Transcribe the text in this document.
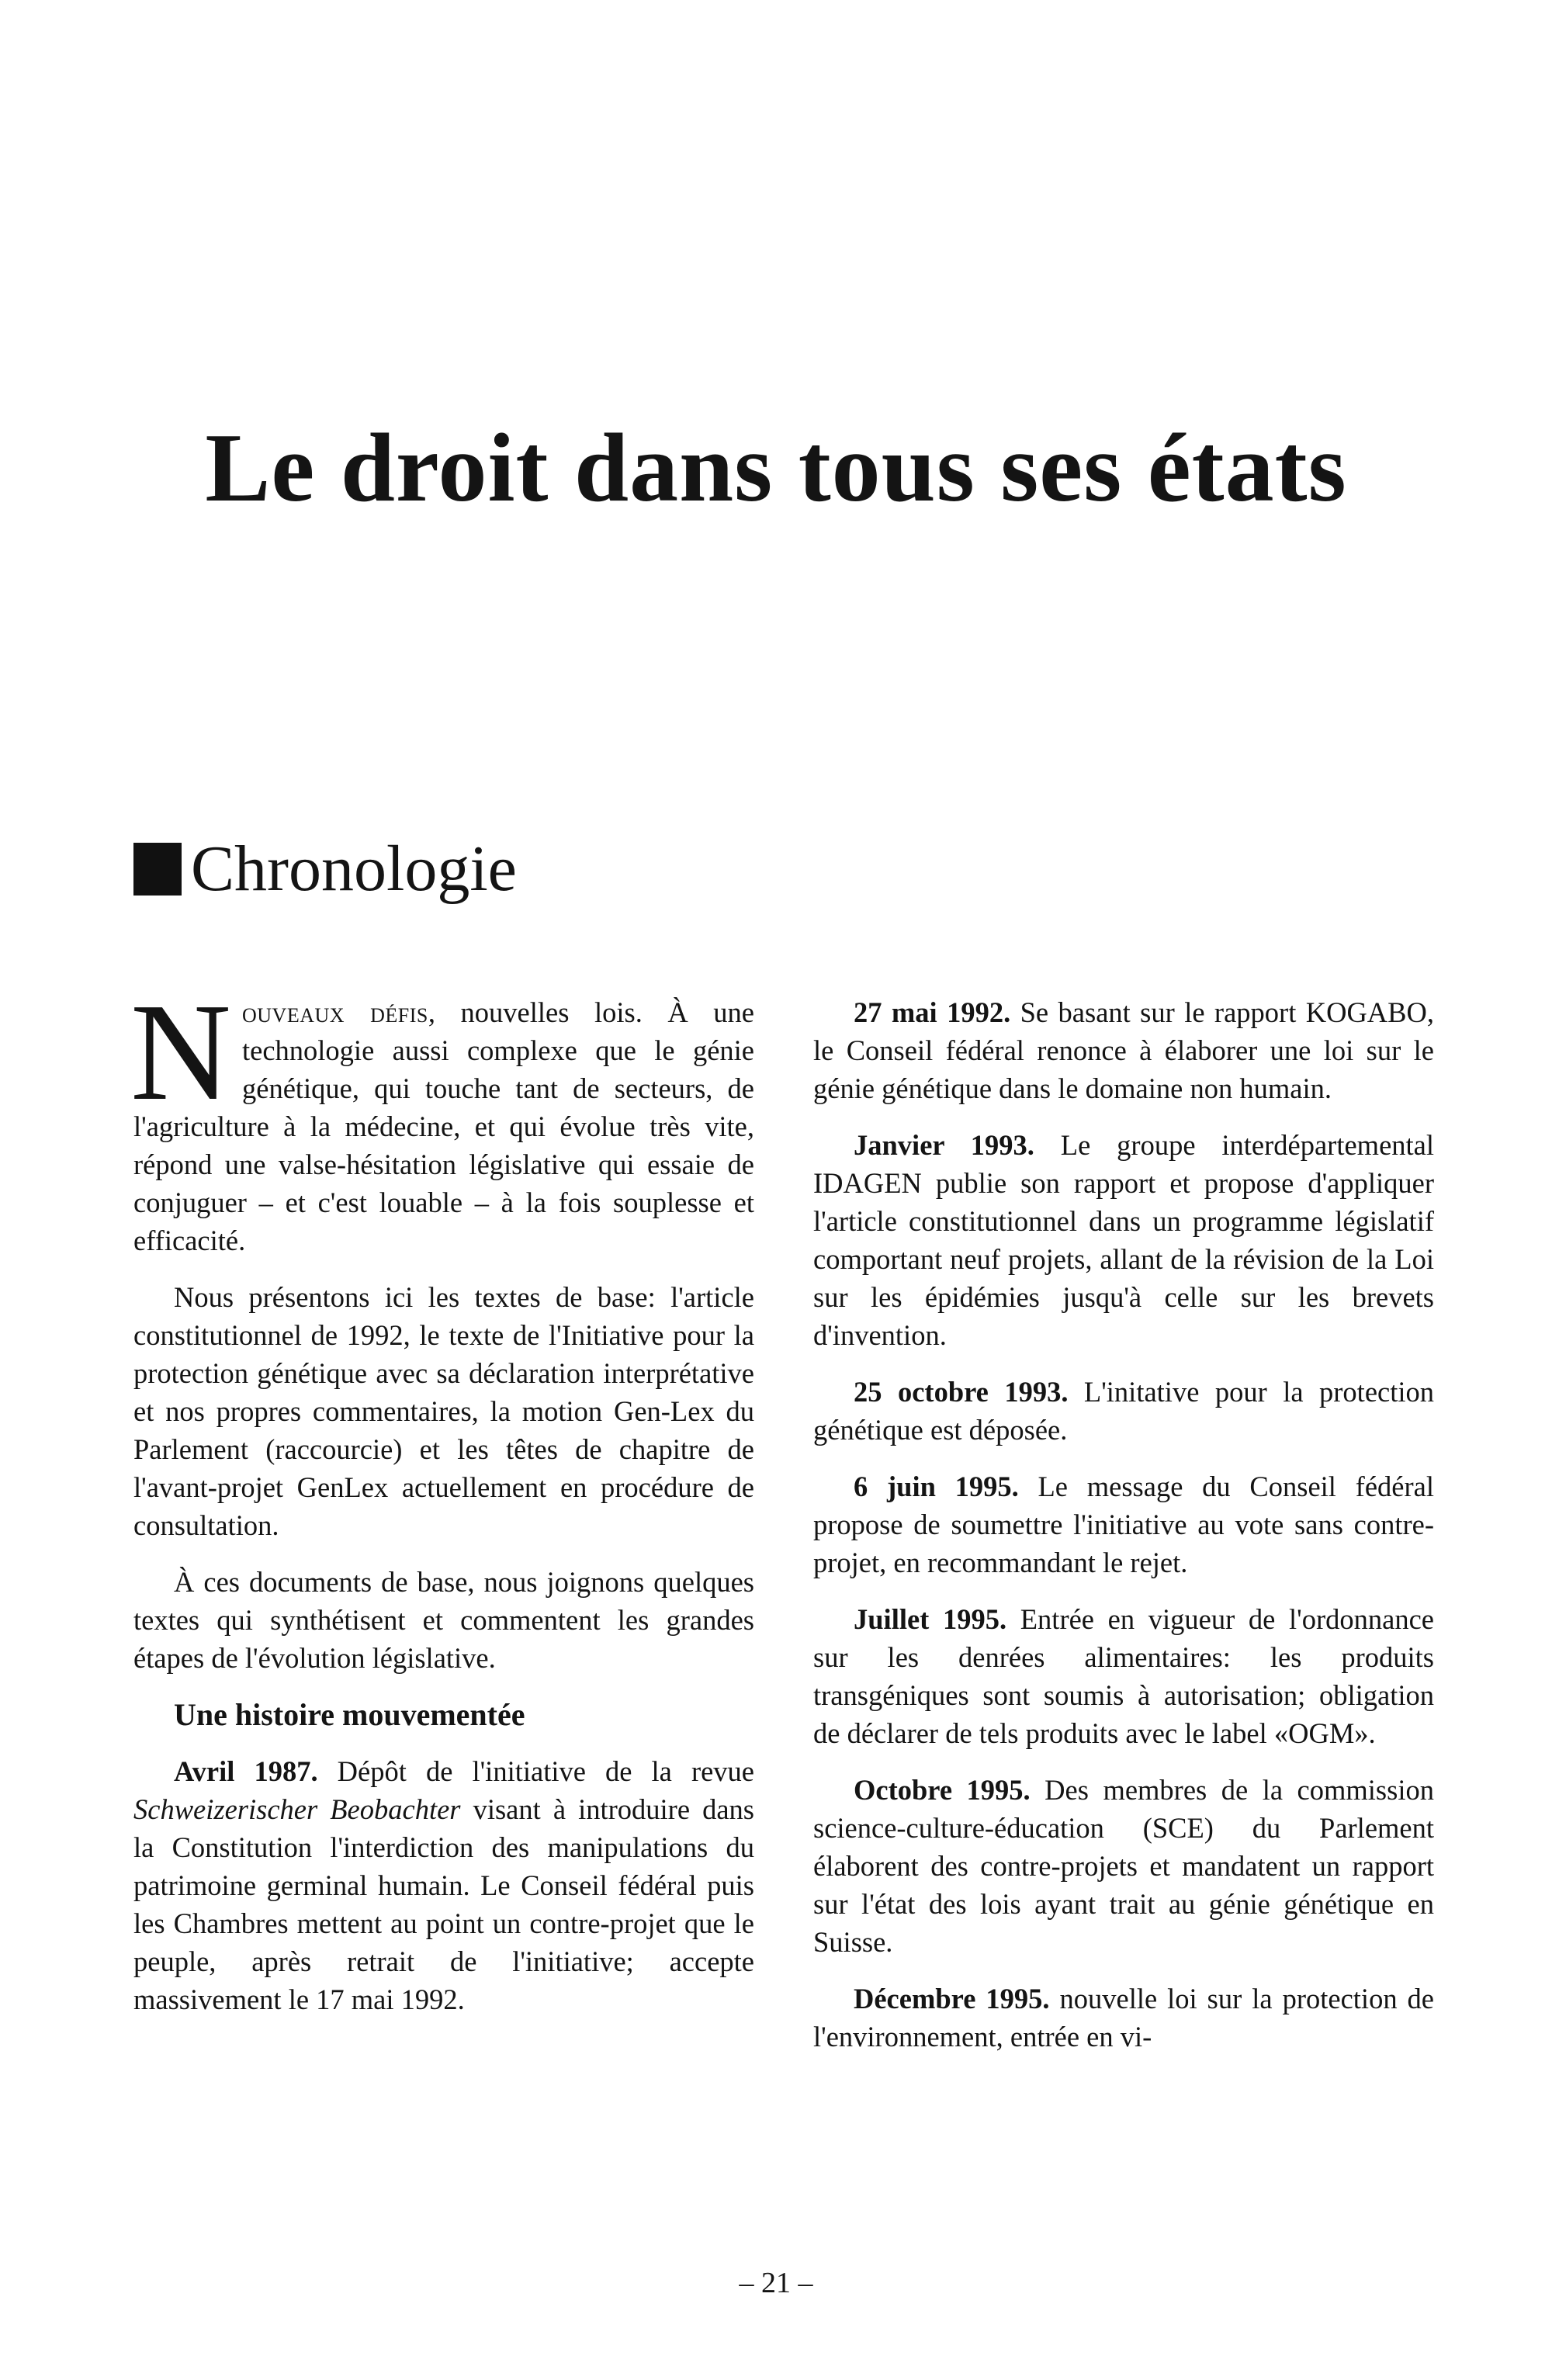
Le droit dans tous ses états
Chronologie

Nouveaux défis, nouvelles lois. À une technologie aussi complexe que le génie génétique, qui touche tant de secteurs, de l'agriculture à la médecine, et qui évolue très vite, répond une valse-hésitation législative qui essaie de conjuguer – et c'est louable – à la fois souplesse et efficacité.

Nous présentons ici les textes de base: l'article constitutionnel de 1992, le texte de l'Initiative pour la protection génétique avec sa déclaration interprétative et nos propres commentaires, la motion Gen-Lex du Parlement (raccourcie) et les têtes de chapitre de l'avant-projet GenLex actuellement en procédure de consultation.

À ces documents de base, nous joignons quelques textes qui synthétisent et commentent les grandes étapes de l'évolution législative.

Une histoire mouvementée

Avril 1987. Dépôt de l'initiative de la revue Schweizerischer Beobachter visant à introduire dans la Constitution l'interdiction des manipulations du patrimoine germinal humain. Le Conseil fédéral puis les Chambres mettent au point un contre-projet que le peuple, après retrait de l'initiative; accepte massivement le 17 mai 1992.

27 mai 1992. Se basant sur le rapport KOGABO, le Conseil fédéral renonce à élaborer une loi sur le génie génétique dans le domaine non humain.

Janvier 1993. Le groupe interdépartemental IDAGEN publie son rapport et propose d'appliquer l'article constitutionnel dans un programme législatif comportant neuf projets, allant de la révision de la Loi sur les épidémies jusqu'à celle sur les brevets d'invention.

25 octobre 1993. L'initative pour la protection génétique est déposée.

6 juin 1995. Le message du Conseil fédéral propose de soumettre l'initiative au vote sans contre-projet, en recommandant le rejet.

Juillet 1995. Entrée en vigueur de l'ordonnance sur les denrées alimentaires: les produits transgéniques sont soumis à autorisation; obligation de déclarer de tels produits avec le label «OGM».

Octobre 1995. Des membres de la commission science-culture-éducation (SCE) du Parlement élaborent des contre-projets et mandatent un rapport sur l'état des lois ayant trait au génie génétique en Suisse.

Décembre 1995. nouvelle loi sur la protection de l'environnement, entrée en vi-

– 21 –
